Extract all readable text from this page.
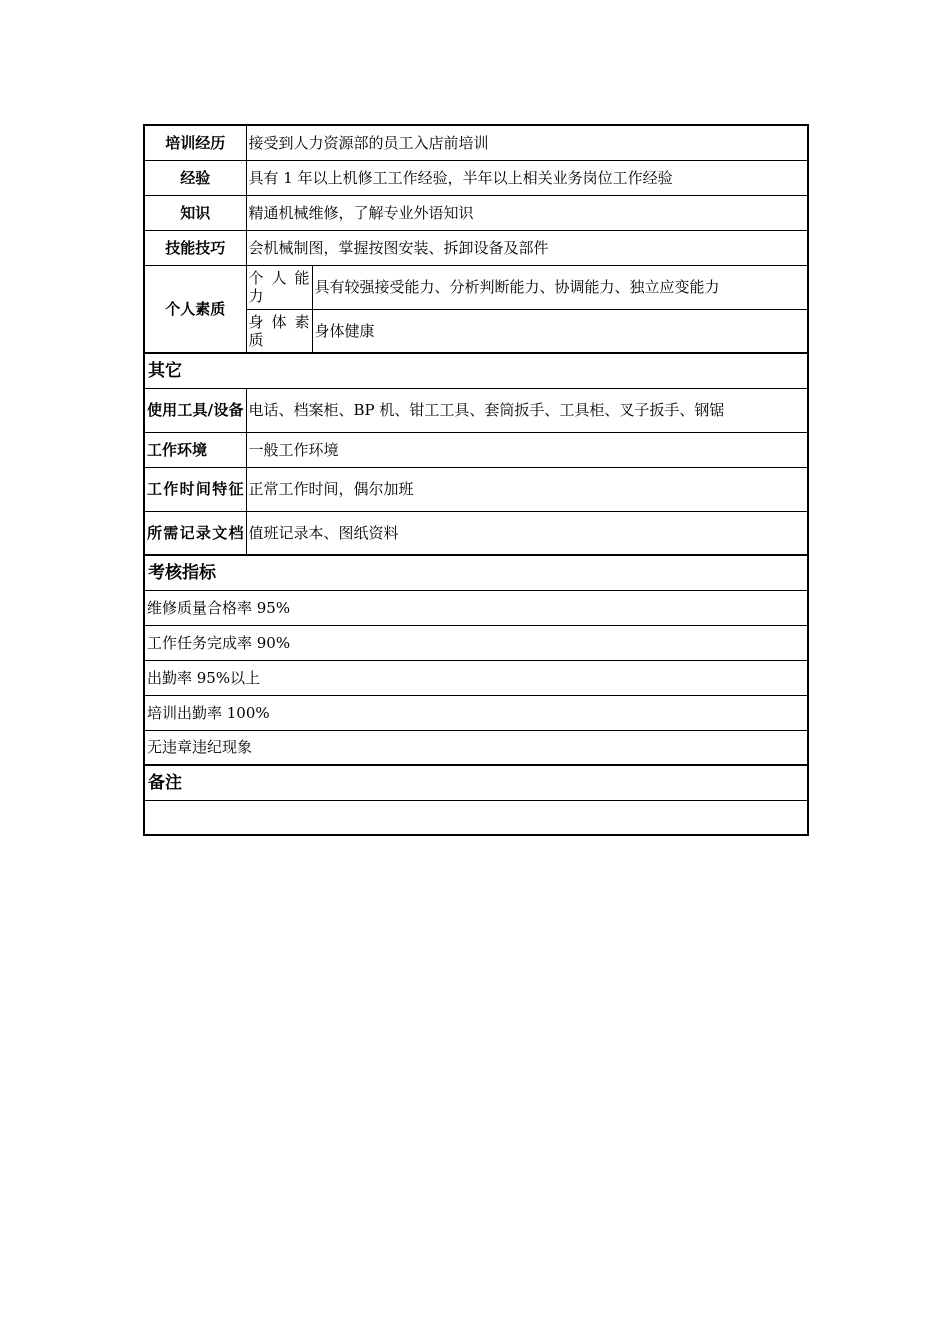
培训经历	接受到人力资源部的员工入店前培训	
经验	具有 1 年以上机修工工作经验，半年以上相关业务岗位工作经验	
知识	精通机械维修，了解专业外语知识	
技能技巧	会机械制图，掌握按图安装、拆卸设备及部件	
个人素质	个 人 能 力	具有较强接受能力、分析判断能力、协调能力、独立应变能力
	身 体 素 质	身体健康
其它		
使用工具/设备	电话、档案柜、BP 机、钳工工具、套筒扳手、工具柜、叉子扳手、钢锯	
工作环境	一般工作环境	
工作时间特征	正常工作时间，偶尔加班	
所需记录文档	值班记录本、图纸资料	
考核指标		
维修质量合格率 95%		
工作任务完成率 90%		
出勤率 95%以上		
培训出勤率 100%		
无违章违纪现象		
备注		
